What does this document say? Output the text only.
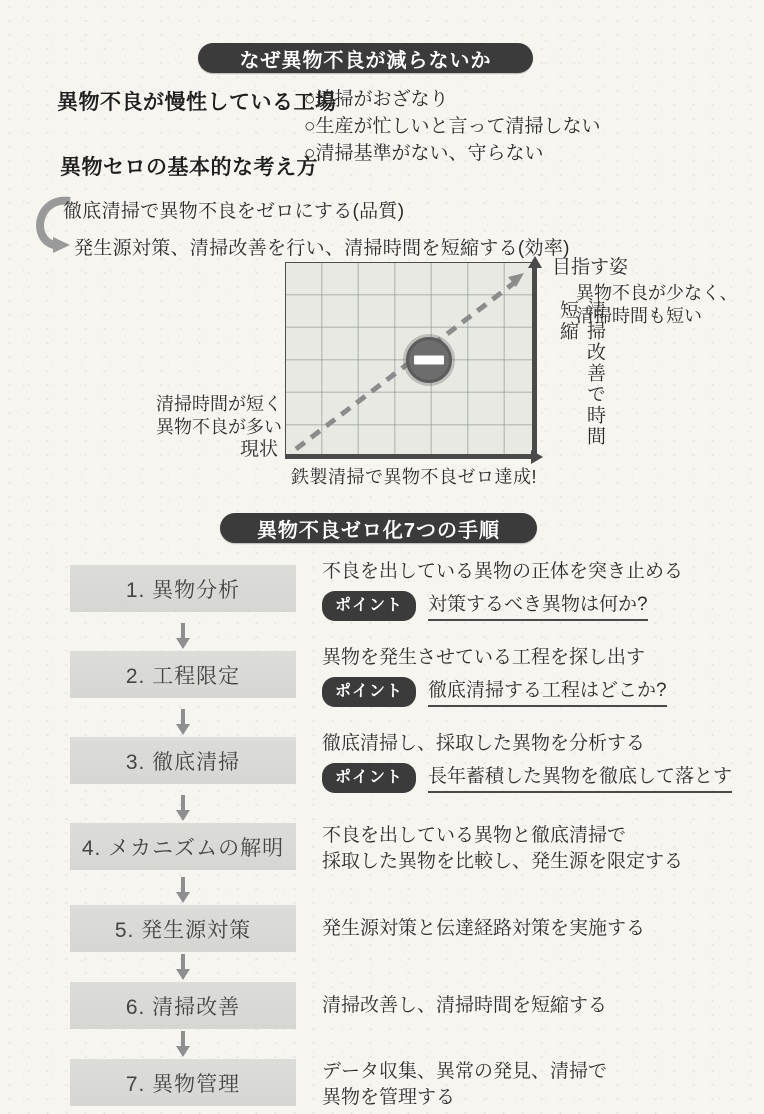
なぜ異物不良が減らないか
異物不良が慢性している工場
○清掃がおざなり
○生産が忙しいと言って清掃しない
○清掃基準がない、守らない
異物セロの基本的な考え方
徹底清掃で異物不良をゼロにする(品質)
発生源対策、清掃改善を行い、清掃時間を短縮する(効率)
目指す姿
異物不良が少なく、
清掃時間も短い
清掃改善で時間短縮
清掃時間が短く
異物不良が多い
現状
鉄製清掃で異物不良ゼロ達成!
異物不良ゼロ化7つの手順
1. 異物分析
不良を出している異物の正体を突き止める
ポイント	対策するべき異物は何か?
2. 工程限定
異物を発生させている工程を探し出す
ポイント	徹底清掃する工程はどこか?
3. 徹底清掃
徹底清掃し、採取した異物を分析する
ポイント	長年蓄積した異物を徹底して落とす
4. メカニズムの解明
不良を出している異物と徹底清掃で
採取した異物を比較し、発生源を限定する
5. 発生源対策	発生源対策と伝達経路対策を実施する
6. 清掃改善	清掃改善し、清掃時間を短縮する
7. 異物管理
データ収集、異常の発見、清掃で
異物を管理する
